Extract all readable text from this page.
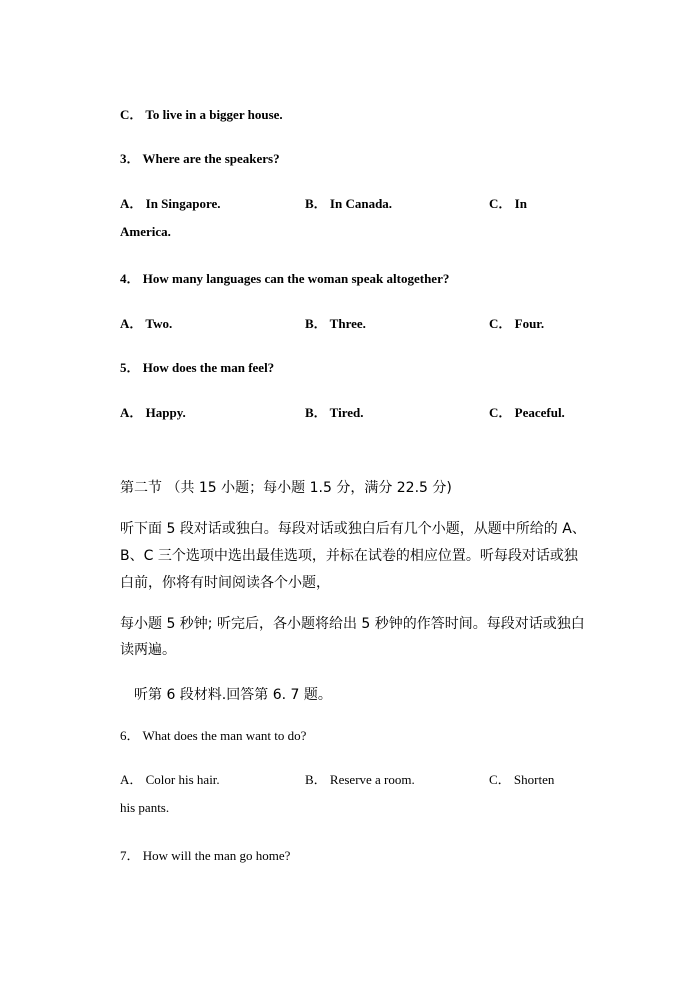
C． To live in a bigger house.
3． Where are the speakers?
A． In Singapore.	B． In Canada.	C． In
America.
4． How many languages can the woman speak altogether?
A． Two.	B． Three.	C． Four.
5． How does the man feel?
A． Happy.	B． Tired.	C． Peaceful.
第二节 （共 15 小题；每小题 1.5 分，满分 22.5 分)
听下面 5 段对话或独白。每段对话或独白后有几个小题，从题中所给的 A、
B、C 三个选项中选出最佳选项，并标在试卷的相应位置。听每段对话或独
白前，你将有时间阅读各个小题，
每小题 5 秒钟; 听完后，各小题将给出 5 秒钟的作答时间。每段对话或独白
读两遍。
听第 6 段材料.回答第 6. 7 题。
6． What does the man want to do?
A． Color his hair.	B． Reserve a room.	C． Shorten
his pants.
7． How will the man go home?
